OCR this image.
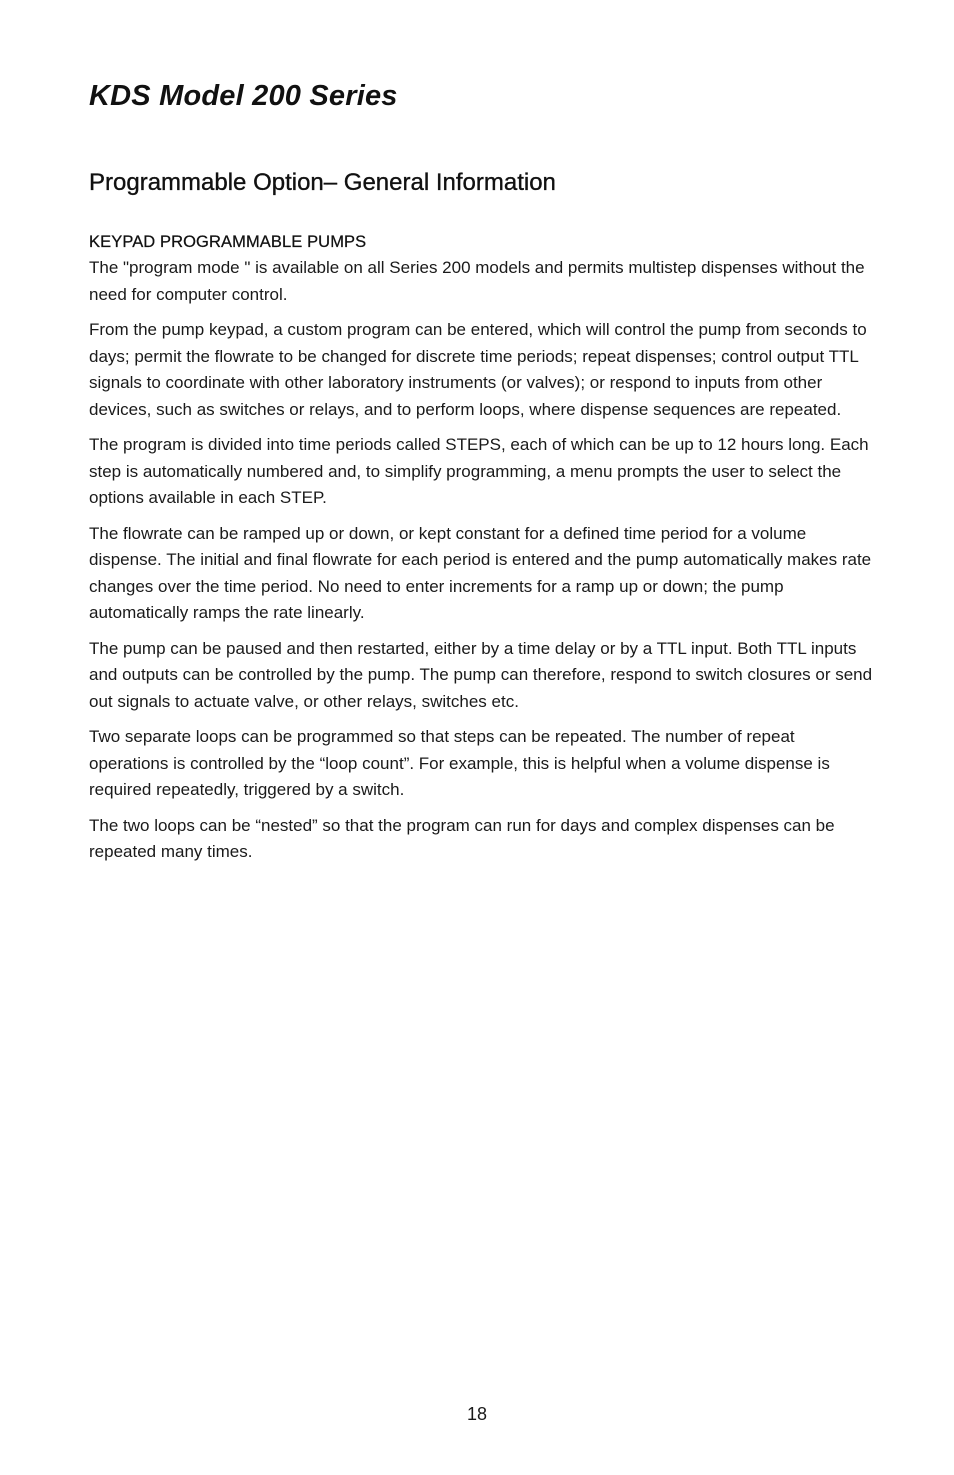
KDS Model 200 Series
Programmable Option– General Information
KEYPAD PROGRAMMABLE PUMPS

The "program mode " is available on all Series 200 models and permits multistep dispenses without the need for computer control.

From the pump keypad, a custom program can be entered, which will control the pump from seconds to days; permit the flowrate to be changed for discrete time periods; repeat dispenses; control output TTL signals to coordinate with other laboratory instruments (or valves); or respond to inputs from other devices, such as switches or relays, and to perform loops, where dispense sequences are repeated.

The program is divided into time periods called STEPS, each of which can be up to 12 hours long. Each step is automatically numbered and, to simplify programming, a menu prompts the user to select the options available in each STEP.

The flowrate can be ramped up or down, or kept constant for a defined time period for a volume dispense. The initial and final flowrate for each period is entered and the pump automatically makes rate changes over the time period. No need to enter increments for a ramp up or down; the pump automatically ramps the rate linearly.

The pump can be paused and then restarted, either by a time delay or by a TTL input. Both TTL inputs and outputs can be controlled by the pump. The pump can therefore, respond to switch closures or send out signals to actuate valve, or other relays, switches etc.

Two separate loops can be programmed so that steps can be repeated. The number of repeat operations is controlled by the “loop count”. For example, this is helpful when a volume dispense is required repeatedly, triggered by a switch.

The two loops can be “nested” so that the program can run for days and complex dispenses can be repeated many times.

18
